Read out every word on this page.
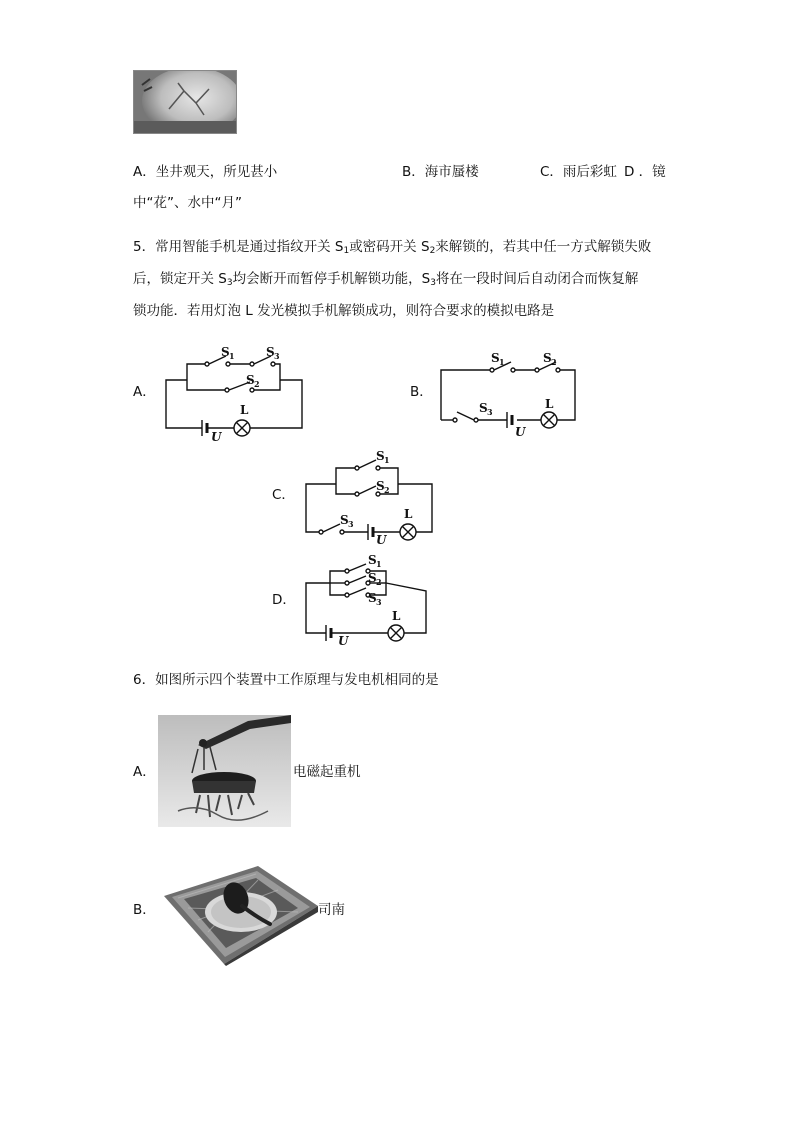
A．坐井观天，所见甚小	B．海市蜃楼	C．雨后彩虹 D ．镜
中“花”、水中“月”
5．常用智能手机是通过指纹开关 $S_1$或密码开关 $S_2$来解锁的，若其中任一方式解锁失败
后，锁定开关 $S_3$均会断开而暂停手机解锁功能，$S_3$将在一段时间后自动闭合而恢复解
锁功能．若用灯泡 L 发光模拟手机解锁成功，则符合要求的模拟电路是
A．	B．
C．
D．
S 1	S 3
S 2
L
U
S 1	S 2
S 3
L
U
S 1
S 2
S 3
L
U
S 1
S 2
S 3
L
U
6．如图所示四个装置中工作原理与发电机相同的是
A．	电磁起重机
B．	司南
